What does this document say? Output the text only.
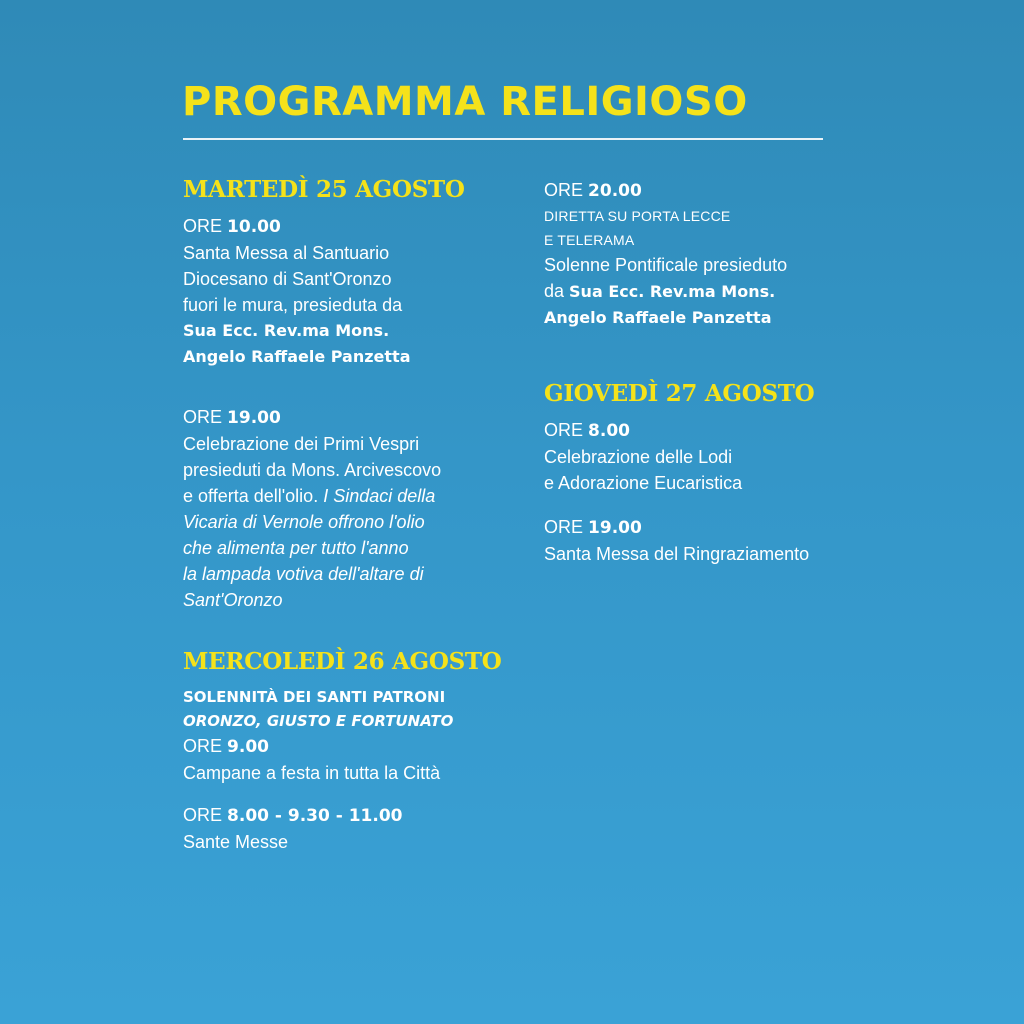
PROGRAMMA RELIGIOSO
MARTEDÌ 25 AGOSTO

ORE 10.00

Santa Messa al Santuario

Diocesano di Sant'Oronzo

fuori le mura, presieduta da

Sua Ecc. Rev.ma Mons.

Angelo Raffaele Panzetta

ORE 19.00

Celebrazione dei Primi Vespri

presieduti da Mons. Arcivescovo

e offerta dell'olio. I Sindaci della

Vicaria di Vernole offrono l'olio

che alimenta per tutto l'anno

la lampada votiva dell'altare di

Sant'Oronzo

MERCOLEDÌ 26 AGOSTO

SOLENNITÀ DEI SANTI PATRONI

ORONZO, GIUSTO E FORTUNATO

ORE 9.00

Campane a festa in tutta la Città

ORE 8.00 - 9.30 - 11.00

Sante Messe

ORE 20.00

DIRETTA SU PORTA LECCE

E TELERAMA

Solenne Pontificale presieduto

da Sua Ecc. Rev.ma Mons.

Angelo Raffaele Panzetta

GIOVEDÌ 27 AGOSTO

ORE 8.00

Celebrazione delle Lodi

e Adorazione Eucaristica

ORE 19.00

Santa Messa del Ringraziamento
